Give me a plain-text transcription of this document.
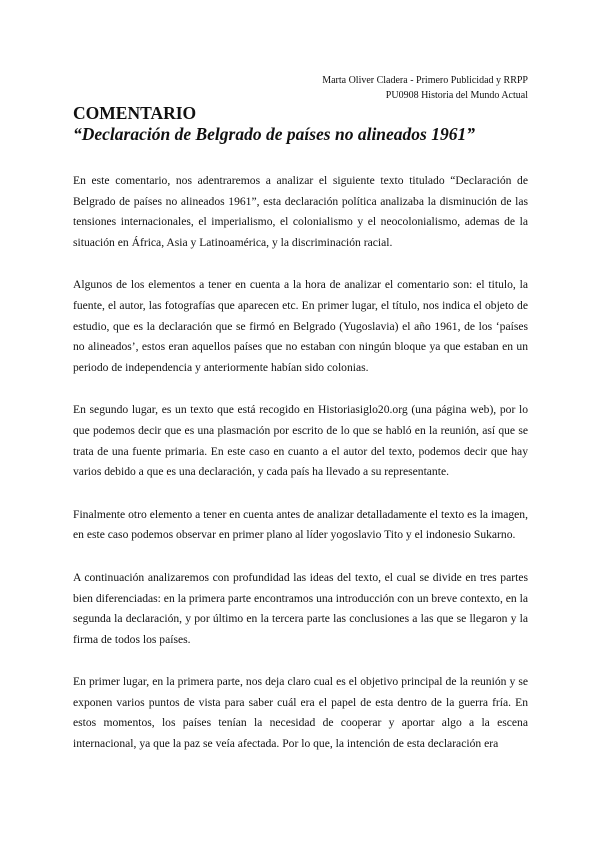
Marta Oliver Cladera - Primero Publicidad y RRPP
PU0908 Historia del Mundo Actual
COMENTARIO
“Declaración de Belgrado de países no alineados 1961”

En este comentario, nos adentraremos a analizar el siguiente texto titulado “Declaración de Belgrado de países no alineados 1961”, esta declaración política analizaba la disminución de las tensiones internacionales, el imperialismo, el colonialismo y el neocolonialismo, ademas de la situación en África, Asia y Latinoamérica, y la discriminación racial.

Algunos de los elementos a tener en cuenta a la hora de analizar el comentario son: el titulo, la fuente, el autor, las fotografías que aparecen etc. En primer lugar, el título, nos indica el objeto de estudio, que es la declaración que se firmó en Belgrado (Yugoslavia) el año 1961, de los ‘países no alineados’, estos eran aquellos países que no estaban con ningún bloque ya que estaban en un periodo de independencia y anteriormente habían sido colonias.

En segundo lugar, es un texto que está recogido en Historiasiglo20.org (una página web), por lo que podemos decir que es una plasmación por escrito de lo que se habló en la reunión, así que se trata de una fuente primaria. En este caso en cuanto a el autor del texto, podemos decir que hay varios debido a que es una declaración, y cada país ha llevado a su representante.

Finalmente otro elemento a tener en cuenta antes de analizar detalladamente el texto es la imagen, en este caso podemos observar en primer plano al líder yogoslavio Tito y el indonesio Sukarno.

A continuación analizaremos con profundidad las ideas del texto, el cual se divide en tres partes bien diferenciadas: en la primera parte encontramos una introducción con un breve contexto, en la segunda la declaración, y por último en la tercera parte las conclusiones a las que se llegaron y la firma de todos los países.

En primer lugar, en la primera parte, nos deja claro cual es el objetivo principal de la reunión y se exponen varios puntos de vista para saber cuál era el papel de esta dentro de la guerra fría. En estos momentos, los países tenían la necesidad de cooperar y aportar algo a la escena internacional, ya que la paz se veía afectada. Por lo que, la intención de esta declaración era
